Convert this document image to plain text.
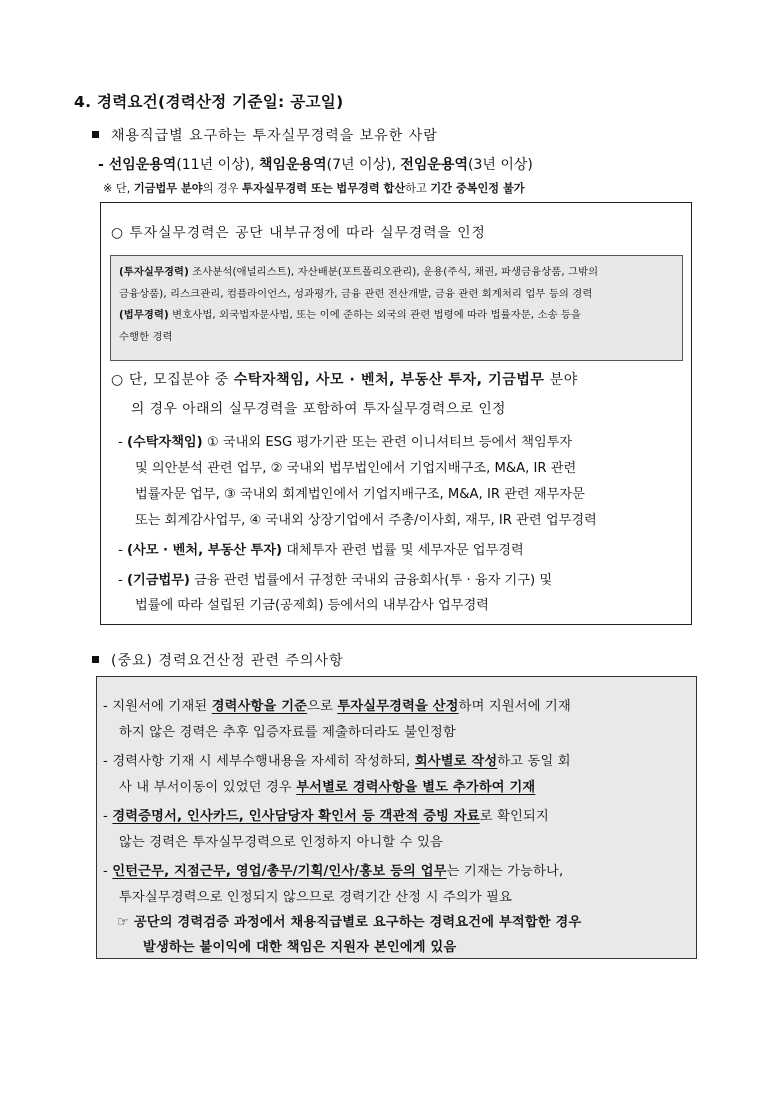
4. 경력요건(경력산정 기준일: 공고일)
채용직급별 요구하는 투자실무경력을 보유한 사람
- 선임운용역(11년 이상), 책임운용역(7년 이상), 전임운용역(3년 이상)
※ 단, 기금법무 분야의 경우 투자실무경력 또는 법무경력 합산하고 기간 중복인정 불가
○ 투자실무경력은 공단 내부규정에 따라 실무경력을 인정
(투자실무경력) 조사분석(애널리스트), 자산배분(포트폴리오관리), 운용(주식, 채권, 파생금융상품, 그밖의
금융상품), 리스크관리, 컴플라이언스, 성과평가, 금융 관련 전산개발, 금융 관련 회계처리 업무 등의 경력
(법무경력) 변호사법, 외국법자문사법, 또는 이에 준하는 외국의 관련 법령에 따라 법률자문, 소송 등을
수행한 경력
○ 단, 모집분야 중 수탁자책임, 사모 · 벤처, 부동산 투자, 기금법무 분야
의 경우 아래의 실무경력을 포함하여 투자실무경력으로 인정
- (수탁자책임) ① 국내외 ESG 평가기관 또는 관련 이니셔티브 등에서 책임투자
및 의안분석 관련 업무, ② 국내외 법무법인에서 기업지배구조, M&A, IR 관련
법률자문 업무, ③ 국내외 회계법인에서 기업지배구조, M&A, IR 관련 재무자문
또는 회계감사업무, ④ 국내외 상장기업에서 주총/이사회, 재무, IR 관련 업무경력
- (사모 · 벤처, 부동산 투자) 대체투자 관련 법률 및 세무자문 업무경력
- (기금법무) 금융 관련 법률에서 규정한 국내외 금융회사(투 · 융자 기구) 및
법률에 따라 설립된 기금(공제회) 등에서의 내부감사 업무경력
(중요) 경력요건산정 관련 주의사항
- 지원서에 기재된 경력사항을 기준으로 투자실무경력을 산정하며 지원서에 기재
하지 않은 경력은 추후 입증자료를 제출하더라도 불인정함
- 경력사항 기재 시 세부수행내용을 자세히 작성하되, 회사별로 작성하고 동일 회
사 내 부서이동이 있었던 경우 부서별로 경력사항을 별도 추가하여 기재
- 경력증명서, 인사카드, 인사담당자 확인서 등 객관적 증빙 자료로 확인되지
않는 경력은 투자실무경력으로 인정하지 아니할 수 있음
- 인턴근무, 지점근무, 영업/총무/기획/인사/홍보 등의 업무는 기재는 가능하나,
투자실무경력으로 인정되지 않으므로 경력기간 산정 시 주의가 필요
☞ 공단의 경력검증 과정에서 채용직급별로 요구하는 경력요건에 부적합한 경우
발생하는 불이익에 대한 책임은 지원자 본인에게 있음
